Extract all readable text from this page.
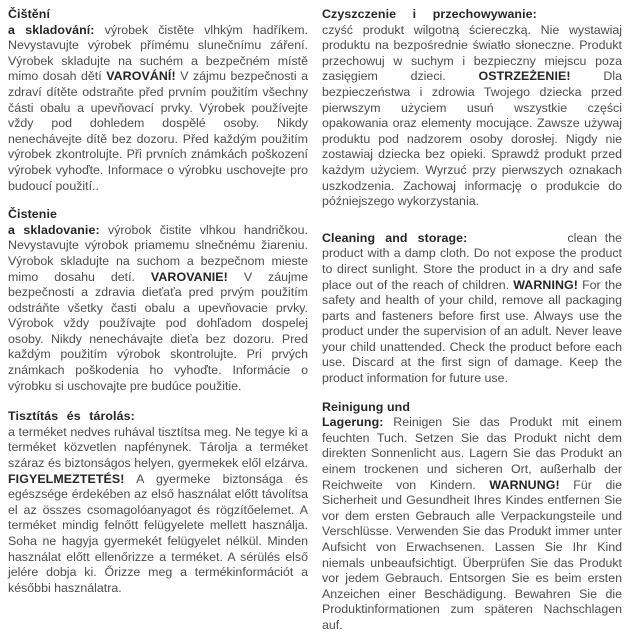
Čištění
a skladování: výrobek čistěte vlhkým hadříkem. Nevystavujte výrobek přímému slunečnímu záření. Výrobek skladujte na suchém a bezpečném místě mimo dosah dětí VAROVÁNÍ! V zájmu bezpečnosti a zdraví dítěte odstraňte před prvním použitím všechny části obalu a upevňovací prvky. Výrobek používejte vždy pod dohledem dospělé osoby. Nikdy nenechávejte dítě bez dozoru. Před každým použitím výrobek zkontrolujte. Při prvních známkách poškození výrobek vyhoďte. Informace o výrobku uschovejte pro budoucí použití..

Čistenie
a skladovanie: výrobok čistite vlhkou handričkou. Nevystavujte výrobok priamemu slnečnému žiareniu. Výrobok skladujte na suchom a bezpečnom mieste mimo dosahu detí. VAROVANIE! V záujme bezpečnosti a zdravia dieťaťa pred prvým použitím odstráňte všetky časti obalu a upevňovacie prvky. Výrobok vždy používajte pod dohľadom dospelej osoby. Nikdy nenechávajte dieťa bez dozoru. Pred každým použitím výrobok skontrolujte. Pri prvých známkach poškodenia ho vyhoďte. Informácie o výrobku si uschovajte pre budúce použitie.

Tisztítás és tárolás:
a terméket nedves ruhával tisztítsa meg. Ne tegye ki a terméket közvetlen napfénynek. Tárolja a terméket száraz és biztonságos helyen, gyermekek elől elzárva. FIGYELMEZTETÉS! A gyermeke biztonsága és egészsége érdekében az első használat előtt távolítsa el az összes csomagolóanyagot és rögzítőelemet. A terméket mindig felnőtt felügyelete mellett használja. Soha ne hagyja gyermekét felügyelet nélkül. Minden használat előtt ellenőrizze a terméket. A sérülés első jelére dobja ki. Őrizze meg a termékinformációt a későbbi használatra.

Czyszczenie i przechowywanie:
czyść produkt wilgotną ściereczką. Nie wystawiaj produktu na bezpośrednie światło słoneczne. Produkt przechowuj w suchym i bezpieczny miejscu poza zasięgiem dzieci. OSTRZEŻENIE! Dla bezpieczeństwa i zdrowia Twojego dziecka przed pierwszym użyciem usuń wszystkie części opakowania oraz elementy mocujące. Zawsze używaj produktu pod nadzorem osoby dorosłej. Nigdy nie zostawiaj dziecka bez opieki. Sprawdź produkt przed każdym użyciem. Wyrzuć przy pierwszych oznakach uszkodzenia. Zachowaj informację o produkcie do późniejszego wykorzystania.

Cleaning and storage:	clean the product with a damp cloth. Do not expose the product to direct sunlight. Store the product in a dry and safe place out of the reach of children. WARNING! For the safety and health of your child, remove all packaging parts and fasteners before first use. Always use the product under the supervision of an adult. Never leave your child unattended. Check the product before each use. Discard at the first sign of damage. Keep the product information for future use.

Reinigung und
Lagerung: Reinigen Sie das Produkt mit einem feuchten Tuch. Setzen Sie das Produkt nicht dem direkten Sonnenlicht aus. Lagern Sie das Produkt an einem trockenen und sicheren Ort, außerhalb der Reichweite von Kindern. WARNUNG! Für die Sicherheit und Gesundheit Ihres Kindes entfernen Sie vor dem ersten Gebrauch alle Verpackungsteile und Verschlüsse. Verwenden Sie das Produkt immer unter Aufsicht von Erwachsenen. Lassen Sie Ihr Kind niemals unbeaufsichtigt. Überprüfen Sie das Produkt vor jedem Gebrauch. Entsorgen Sie es beim ersten Anzeichen einer Beschädigung. Bewahren Sie die Produktinformationen zum späteren Nachschlagen auf.
